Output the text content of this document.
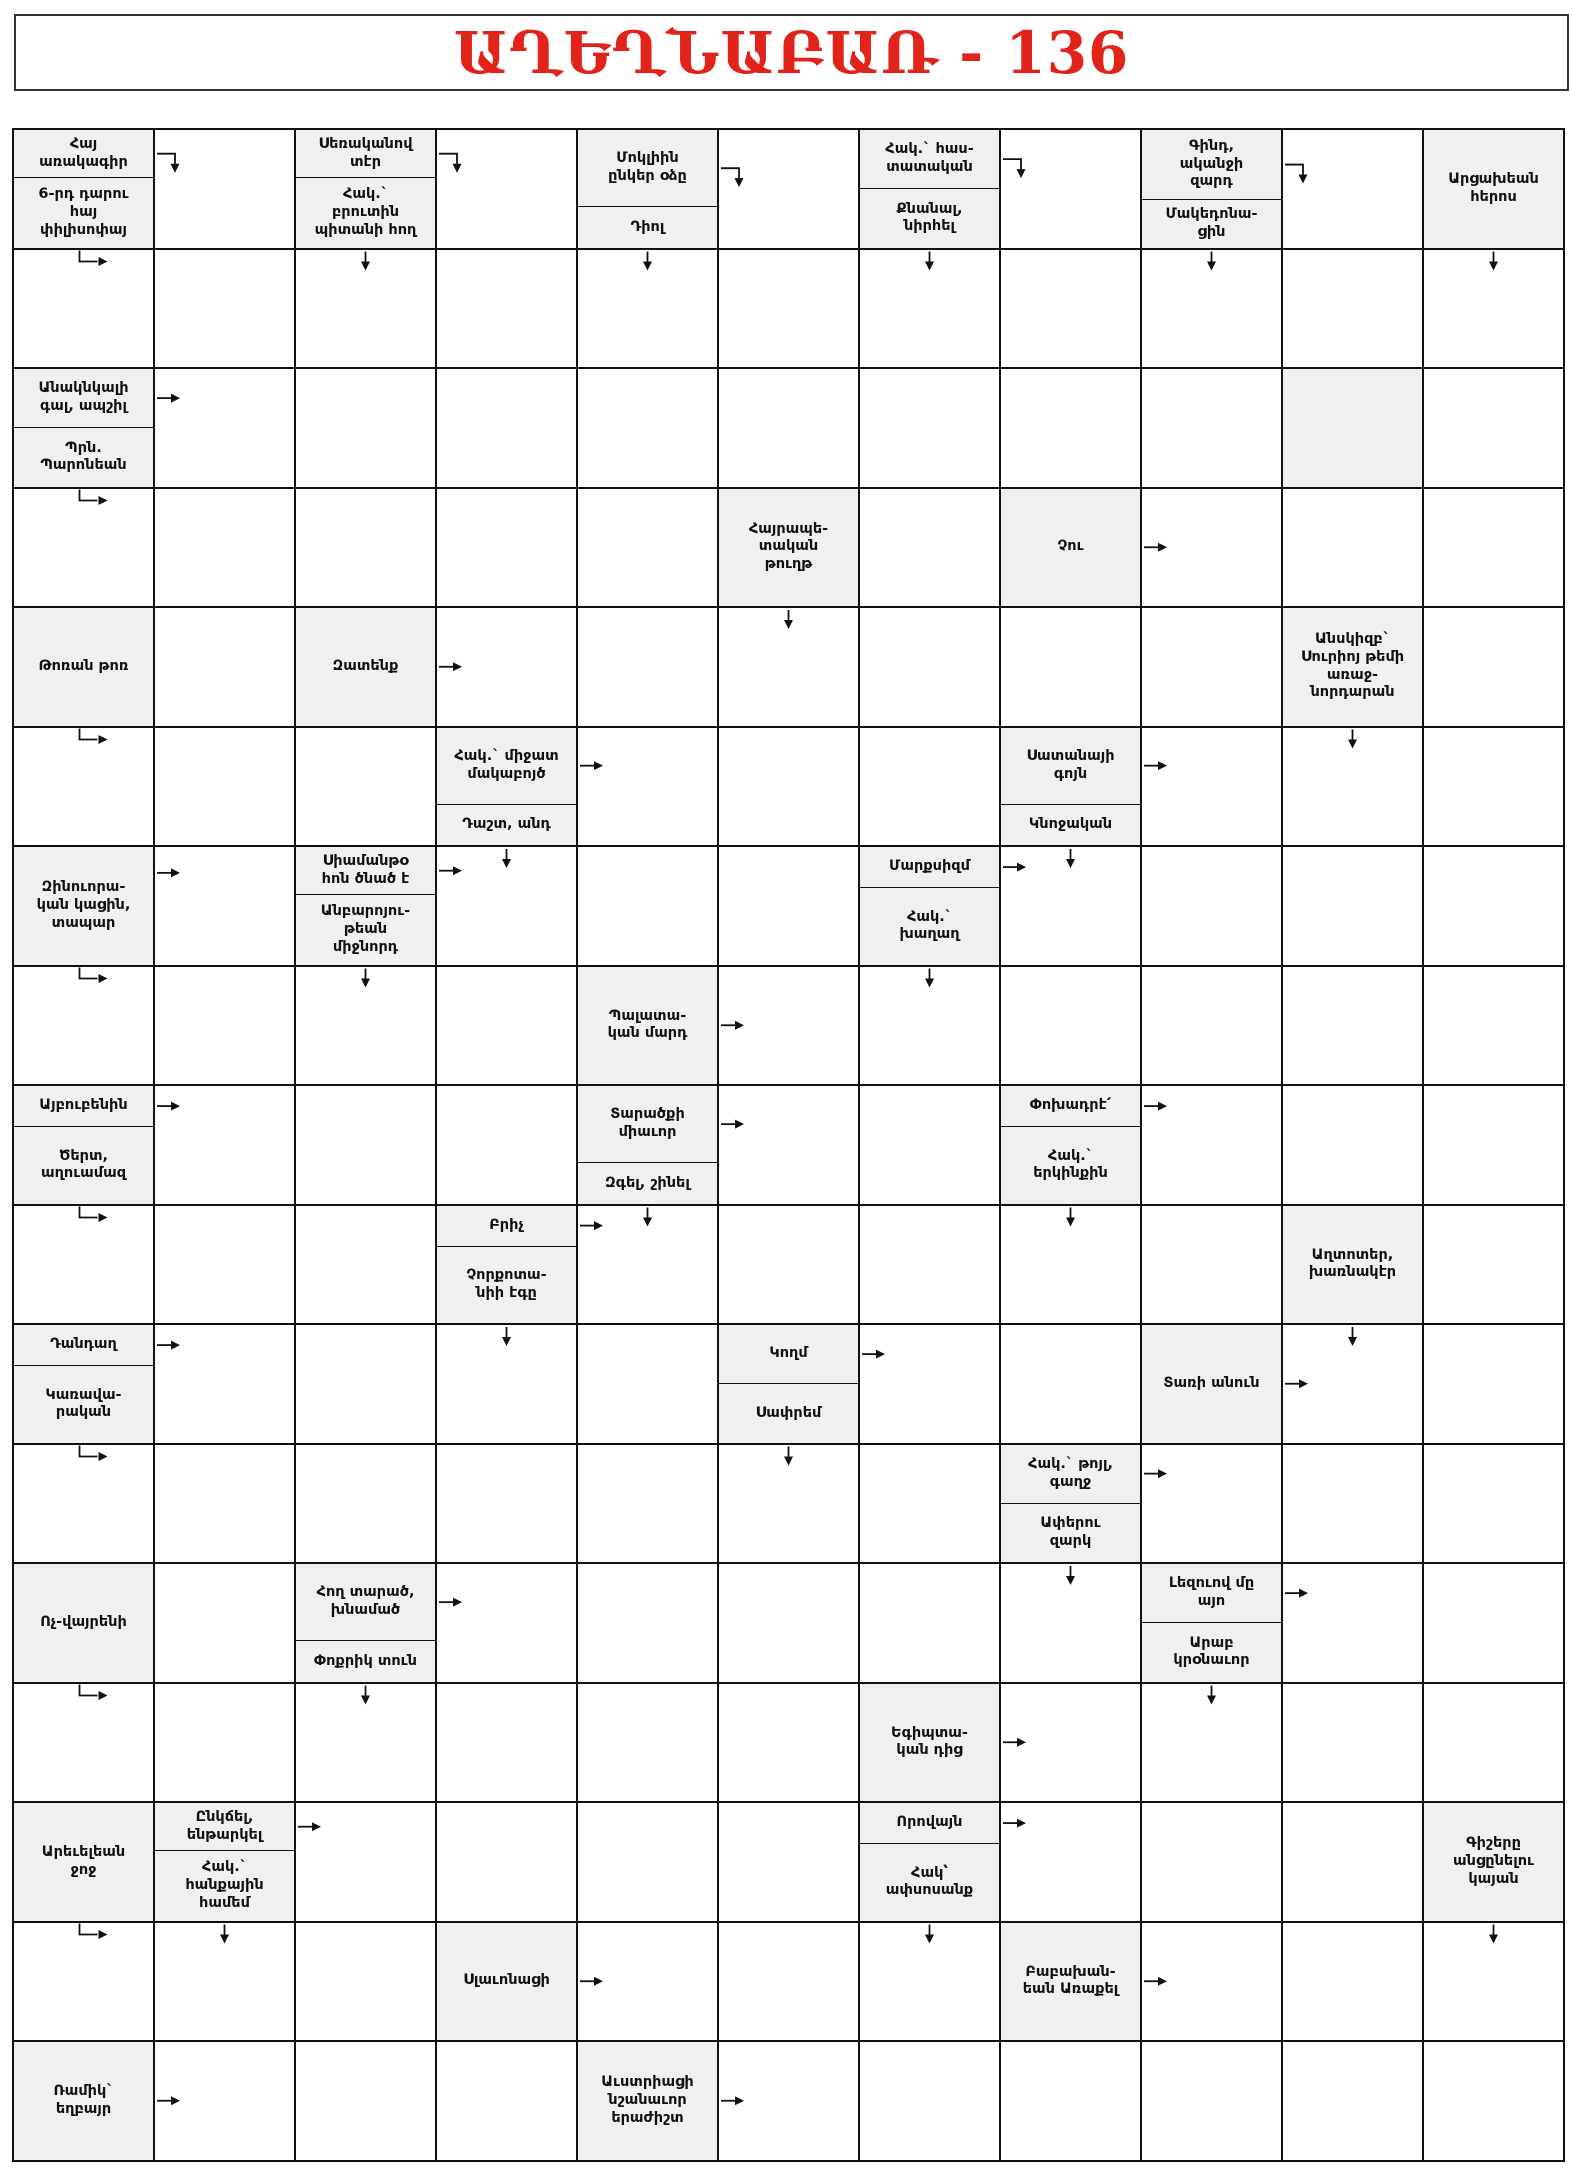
ԱՂԵՂՆԱԲԱՌ - 136
Հայ
առակագիր
6-րդ դարու
հայ
փիլիսոփայ
Սեռականով
տէր
Հակ.`
բրուտին
պիտանի հող
Մոկլիին
ընկեր օձը
Դիոլ
Հակ.` հաս-
տատական
Քնանալ,
նիրհել
Գինդ,
ականջի
զարդ
Մակեդոնա-
ցին
Արցախեան
հերոս
Անակնկալի
գալ, ապշիլ
Պրն.
Պարոնեան
Հայրապե-
տական
թուղթ
Չու
Թոռան թոռ	Զատենք
Անսկիզբ`
Սուրիոյ թեմի
առաջ-
նորդարան
Հակ.` միջատ
մակաբոյծ
Դաշտ, անդ
Սատանայի
գոյն
Կնոջական
Զինուորա-
կան կացին,
տապար
Սիամանթօ
հոն ծնած է
Անբարոյու-
թեան
միջնորդ
Մարքսիզմ
Հակ.`
խաղաղ
Պալատա-
կան մարդ
Այբուբենին
Ծերտ,
աղուամազ
Տարածքի
միաւոր
Զգել, շինել
Փոխադրէ՛
Հակ.`
երկինքին
Բրիչ
Չորքոտա-
նիի էգը
Աղտոտեր,
խառնակէր
Դանդաղ
Կառավա-
րական
Կողմ
Սափրեմ
Տառի անուն
Հակ.` թոյլ,
գաղջ
Ափերու
զարկ
Ոչ-վայրենի
Հող տարած,
խնամած
Փոքրիկ տուն
Լեզուով մը
այո
Արաբ
կրօնաւոր
Եգիպտա-
կան դից
Արեւելեան
ջոջ
Ընկճել,
ենթարկել
Հակ.`
հանքային
համեմ
Որովայն
Հակ՝
ափսոսանք
Գիշերը
անցընելու
կայան
Սլաւոնացի
Բաբախան-
եան Առաքել
Ռամիկ`
եղբայր
Աւստրիացի
նշանաւոր
երաժիշտ
